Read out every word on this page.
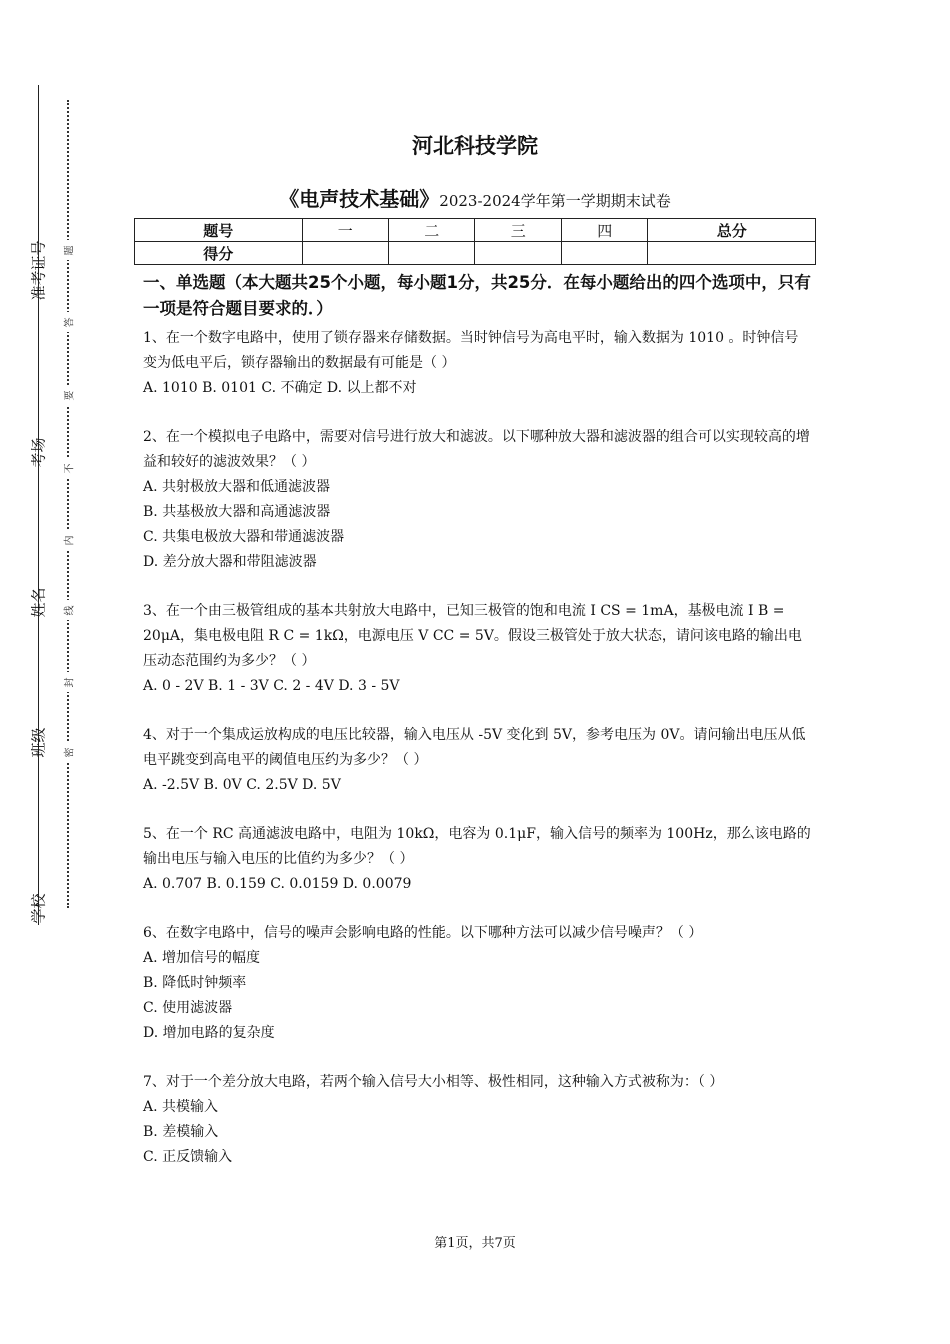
准考证号
考场
姓名
班级
学校
题
答
要
不
内
线
封
密
河北科技学院
《电声技术基础》2023-2024学年第一学期期末试卷
题号	一	二	三	四	总分
得分					
一、单选题（本大题共25个小题，每小题1分，共25分．在每小题给出的四个选项中，只有一项是符合题目要求的．）
1、在一个数字电路中，使用了锁存器来存储数据。当时钟信号为高电平时，输入数据为 1010 。时钟信号变为低电平后，锁存器输出的数据最有可能是（ ）
A. 1010 B. 0101 C. 不确定 D. 以上都不对
2、在一个模拟电子电路中，需要对信号进行放大和滤波。以下哪种放大器和滤波器的组合可以实现较高的增益和较好的滤波效果？（ ）
A. 共射极放大器和低通滤波器
B. 共基极放大器和高通滤波器
C. 共集电极放大器和带通滤波器
D. 差分放大器和带阻滤波器
3、在一个由三极管组成的基本共射放大电路中，已知三极管的饱和电流 I CS = 1mA，基极电流 I B = 20μA，集电极电阻 R C = 1kΩ，电源电压 V CC = 5V。假设三极管处于放大状态，请问该电路的输出电压动态范围约为多少？（ ）
A. 0 - 2V B. 1 - 3V C. 2 - 4V D. 3 - 5V
4、对于一个集成运放构成的电压比较器，输入电压从 -5V 变化到 5V，参考电压为 0V。请问输出电压从低电平跳变到高电平的阈值电压约为多少？（ ）
A. -2.5V B. 0V C. 2.5V D. 5V
5、在一个 RC 高通滤波电路中，电阻为 10kΩ，电容为 0.1μF，输入信号的频率为 100Hz，那么该电路的输出电压与输入电压的比值约为多少？（ ）
A. 0.707 B. 0.159 C. 0.0159 D. 0.0079
6、在数字电路中，信号的噪声会影响电路的性能。以下哪种方法可以减少信号噪声？（ ）
A. 增加信号的幅度
B. 降低时钟频率
C. 使用滤波器
D. 增加电路的复杂度
7、对于一个差分放大电路，若两个输入信号大小相等、极性相同，这种输入方式被称为：（ ）
A. 共模输入
B. 差模输入
C. 正反馈输入
第1页，共7页
